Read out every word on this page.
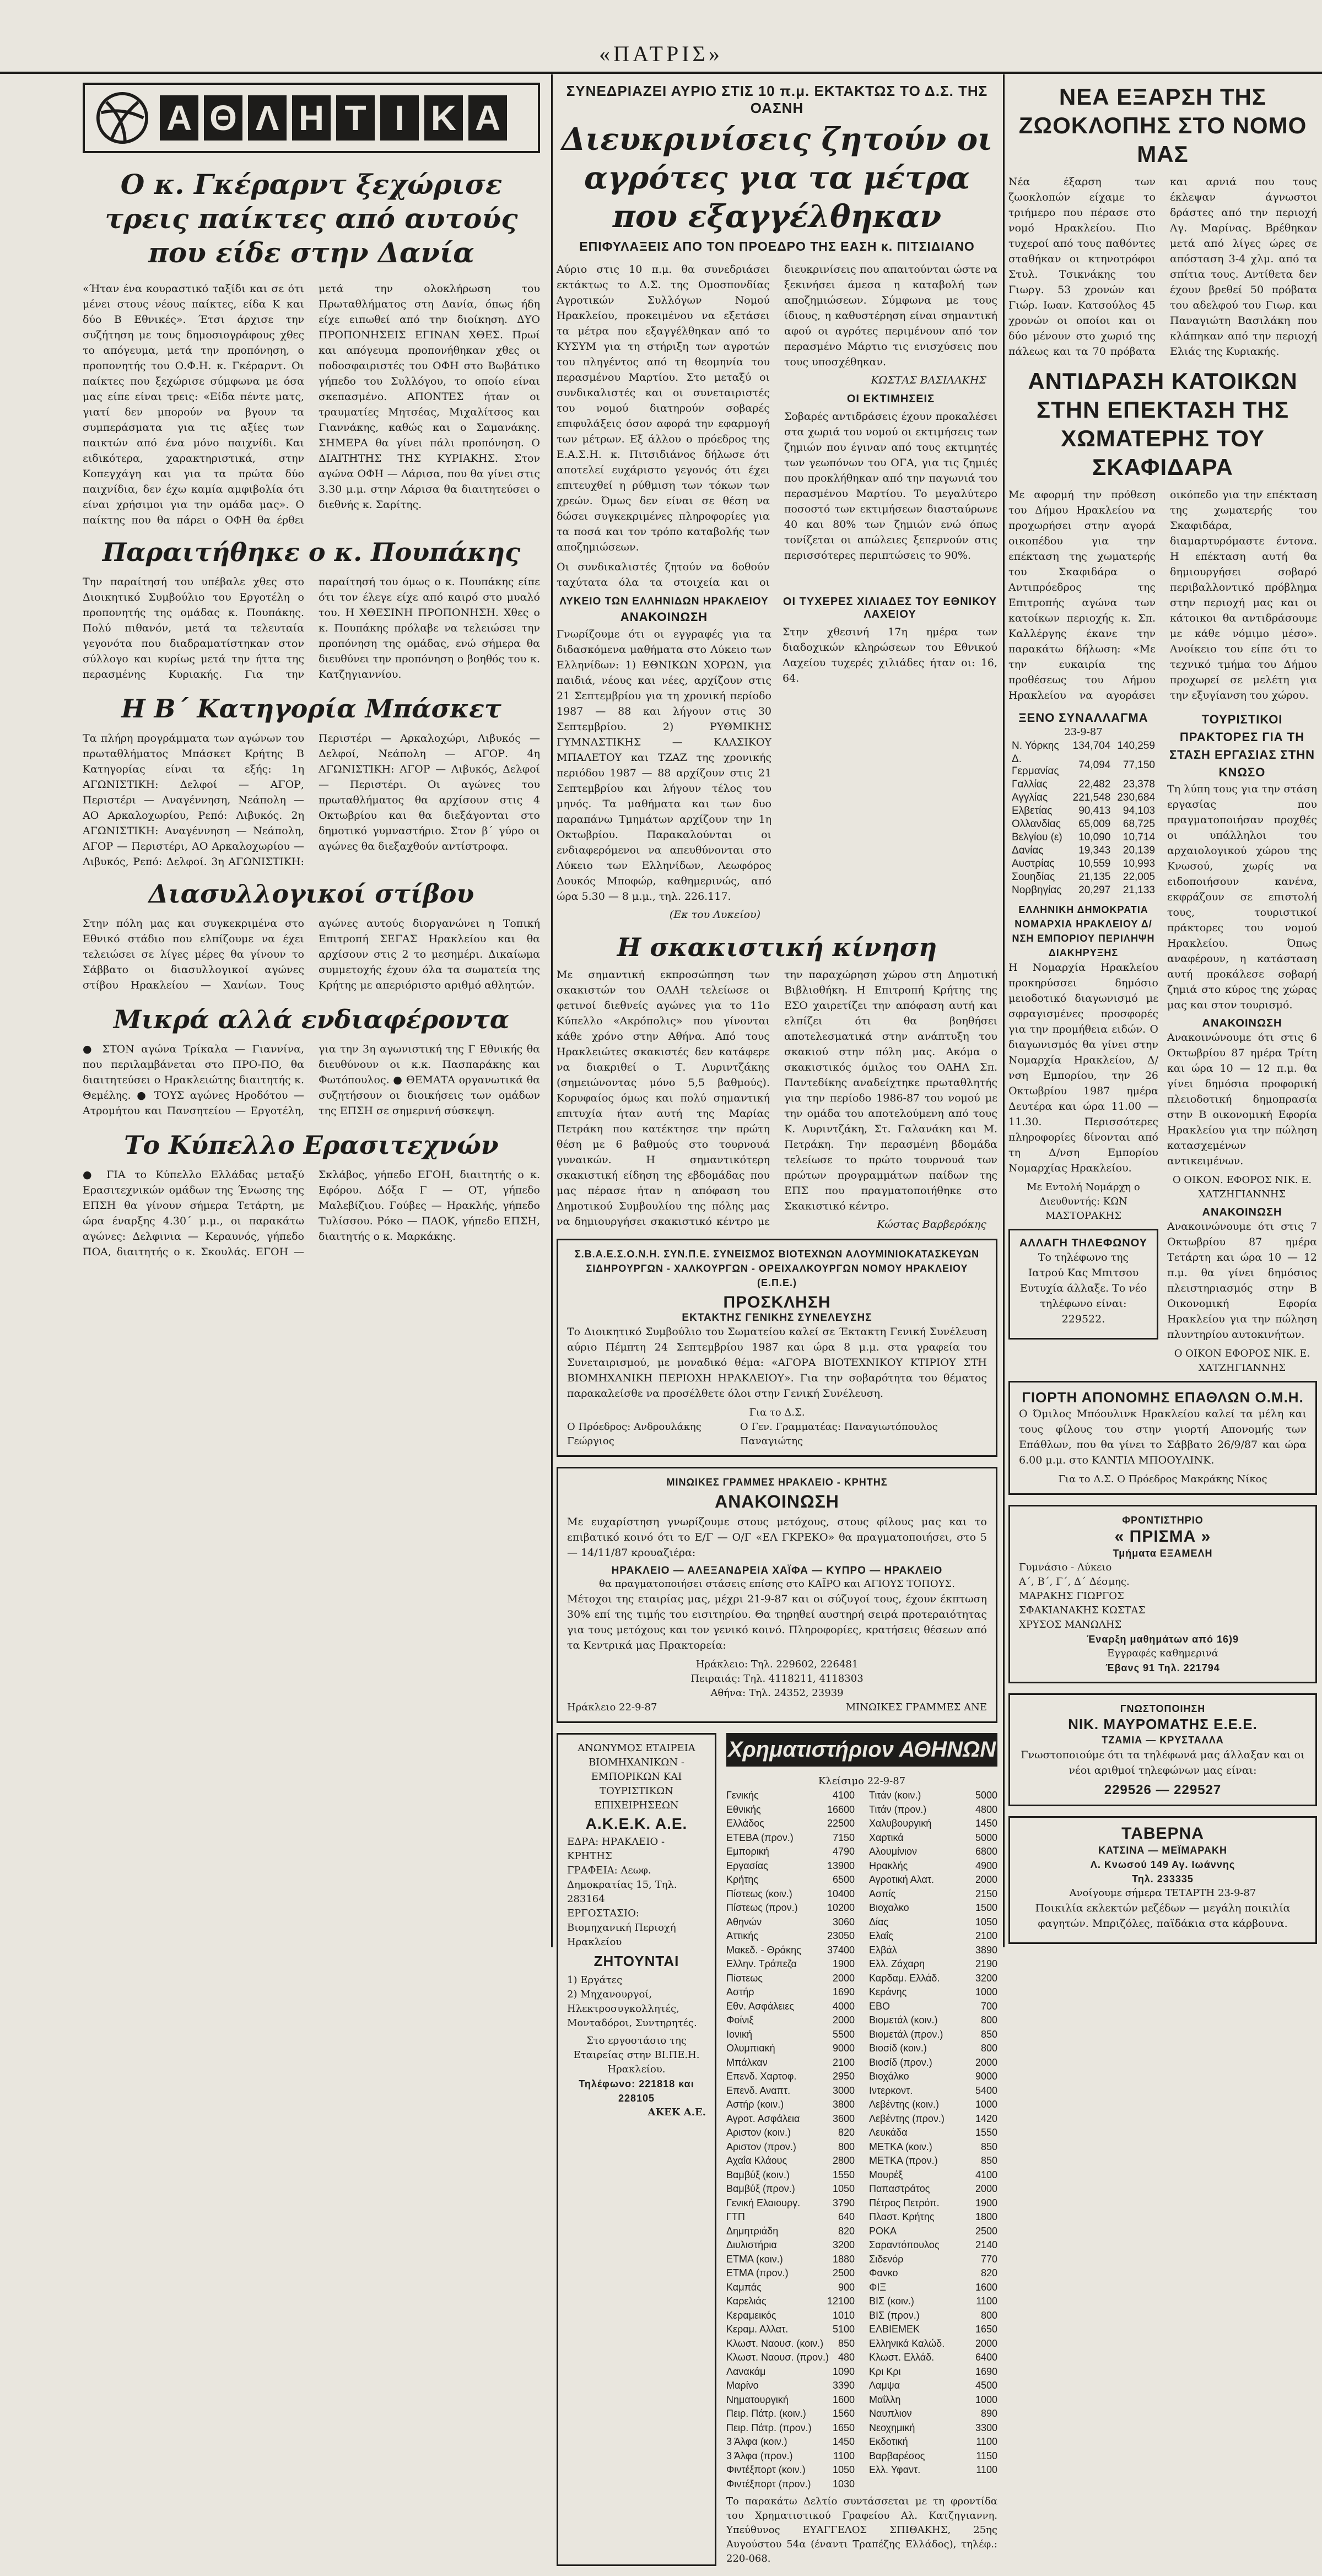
«ΠΑΤΡΙΣ»
Α Θ Λ Η Τ Ι Κ Α
Ο κ. Γκέραρντ ξεχώρισε τρεις παίκτες από αυτούς που είδε στην Δανία

«Ήταν ένα κουραστικό ταξίδι και σε ότι μένει στους νέους παίκτες, είδα Κ και δύο Β Εθνικές». Έτσι άρχισε την συζήτηση με τους δημοσιογράφους χθες το απόγευμα, μετά την προπόνηση, ο προπονητής του Ο.Φ.Η. κ. Γκέραρντ. Οι παίκτες που ξεχώρισε σύμφωνα με όσα μας είπε είναι τρεις: «Είδα πέντε ματς, γιατί δεν μπορούν να βγουν τα συμπεράσματα για τις αξίες των παικτών από ένα μόνο παιχνίδι. Και ειδικότερα, χαρακτηριστικά, στην Κοπεγχάγη και για τα πρώτα δύο παιχνίδια, δεν έχω καμία αμφιβολία ότι είναι χρήσιμοι για την ομάδα μας». Ο παίκτης που θα πάρει ο ΟΦΗ θα έρθει μετά την ολοκλήρωση του Πρωταθλήματος στη Δανία, όπως ήδη είχε ειπωθεί από την διοίκηση. ΔΥΟ ΠΡΟΠΟΝΗΣΕΙΣ ΕΓΙΝΑΝ ΧΘΕΣ. Πρωί και απόγευμα προπονήθηκαν χθες οι ποδοσφαιριστές του ΟΦΗ στο Βωβάτικο γήπεδο του Συλλόγου, το οποίο είναι σκεπασμένο. ΑΠΟΝΤΕΣ ήταν οι τραυματίες Μητσέας, Μιχαλίτσος και Γιαννάκης, καθώς και ο Σαμανάκης. ΣΗΜΕΡΑ θα γίνει πάλι προπόνηση. Ο ΔΙΑΙΤΗΤΗΣ ΤΗΣ ΚΥΡΙΑΚΗΣ. Στον αγώνα ΟΦΗ — Λάρισα, που θα γίνει στις 3.30 μ.μ. στην Λάρισα θα διαιτητεύσει ο διεθνής κ. Σαρίτης.

Παραιτήθηκε ο κ. Πουπάκης

Την παραίτησή του υπέβαλε χθες στο Διοικητικό Συμβούλιο του Εργοτέλη ο προπονητής της ομάδας κ. Πουπάκης. Πολύ πιθανόν, μετά τα τελευταία γεγονότα που διαδραματίστηκαν στον σύλλογο και κυρίως μετά την ήττα της περασμένης Κυριακής. Για την παραίτησή του όμως ο κ. Πουπάκης είπε ότι τον έλεγε είχε από καιρό στο μυαλό του. Η ΧΘΕΣΙΝΗ ΠΡΟΠΟΝΗΣΗ. Χθες ο κ. Πουπάκης πρόλαβε να τελειώσει την προπόνηση της ομάδας, ενώ σήμερα θα διευθύνει την προπόνηση ο βοηθός του κ. Κατζηγιαννίου.

Η Β΄ Κατηγορία Μπάσκετ

Τα πλήρη προγράμματα των αγώνων του πρωταθλήματος Μπάσκετ Κρήτης Β Κατηγορίας είναι τα εξής: 1η ΑΓΩΝΙΣΤΙΚΗ: Δελφοί — ΑΓΟΡ, Περιστέρι — Αναγέννηση, Νεάπολη — ΑΟ Αρκαλοχωρίου, Ρεπό: Λιβυκός. 2η ΑΓΩΝΙΣΤΙΚΗ: Αναγέννηση — Νεάπολη, ΑΓΟΡ — Περιστέρι, ΑΟ Αρκαλοχωρίου — Λιβυκός, Ρεπό: Δελφοί. 3η ΑΓΩΝΙΣΤΙΚΗ: Περιστέρι — Αρκαλοχώρι, Λιβυκός — Δελφοί, Νεάπολη — ΑΓΟΡ. 4η ΑΓΩΝΙΣΤΙΚΗ: ΑΓΟΡ — Λιβυκός, Δελφοί — Περιστέρι. Οι αγώνες του πρωταθλήματος θα αρχίσουν στις 4 Οκτωβρίου και θα διεξάγονται στο δημοτικό γυμναστήριο. Στον β΄ γύρο οι αγώνες θα διεξαχθούν αντίστροφα.

Διασυλλογικοί στίβου

Στην πόλη μας και συγκεκριμένα στο Εθνικό στάδιο που ελπίζουμε να έχει τελειώσει σε λίγες μέρες θα γίνουν το Σάββατο οι διασυλλογικοί αγώνες στίβου Ηρακλείου — Χανίων. Τους αγώνες αυτούς διοργανώνει η Τοπική Επιτροπή ΣΕΓΑΣ Ηρακλείου και θα αρχίσουν στις 2 το μεσημέρι. Δικαίωμα συμμετοχής έχουν όλα τα σωματεία της Κρήτης με απεριόριστο αριθμό αθλητών.

Μικρά αλλά ενδιαφέροντα

● ΣΤΟΝ αγώνα Τρίκαλα — Γιαννίνα, που περιλαμβάνεται στο ΠΡΟ-ΠΟ, θα διαιτητεύσει ο Ηρακλειώτης διαιτητής κ. Θεμέλης. ● ΤΟΥΣ αγώνες Ηροδότου — Ατρομήτου και Πανσητείου — Εργοτέλη, για την 3η αγωνιστική της Γ Εθνικής θα διευθύνουν οι κ.κ. Πασπαράκης και Φωτόπουλος. ● ΘΕΜΑΤΑ οργανωτικά θα συζητήσουν οι διοικήσεις των ομάδων της ΕΠΣΗ σε σημερινή σύσκεψη.

Το Κύπελλο Ερασιτεχνών

● ΓΙΑ το Κύπελλο Ελλάδας μεταξύ Ερασιτεχνικών ομάδων της Ένωσης της ΕΠΣΗ θα γίνουν σήμερα Τετάρτη, με ώρα έναρξης 4.30΄ μ.μ., οι παρακάτω αγώνες: Δελφινια — Κεραυνός, γήπεδο ΠΟΑ, διαιτητής ο κ. Σκουλάς. ΕΓΟΗ — Σκλάβος, γήπεδο ΕΓΟΗ, διαιτητής ο κ. Εφόρου. Δόξα Γ — ΟΤ, γήπεδο Μαλεβίζιου. Γούβες — Ηρακλής, γήπεδο Τυλίσσου. Ρόκο — ΠΑΟΚ, γήπεδο ΕΠΣΗ, διαιτητής ο κ. Μαρκάκης.

ΣΥΝΕΔΡΙΑΖΕΙ ΑΥΡΙΟ ΣΤΙΣ 10 π.μ. ΕΚΤΑΚΤΩΣ ΤΟ Δ.Σ. ΤΗΣ ΟΑΣΝΗ
Διευκρινίσεις ζητούν οι αγρότες για τα μέτρα που εξαγγέλθηκαν
ΕΠΙΦΥΛΑΞΕΙΣ ΑΠΟ ΤΟΝ ΠΡΟΕΔΡΟ ΤΗΣ ΕΑΣΗ κ. ΠΙΤΣΙΔΙΑΝΟ

Αύριο στις 10 π.μ. θα συνεδριάσει εκτάκτως το Δ.Σ. της Ομοσπονδίας Αγροτικών Συλλόγων Νομού Ηρακλείου, προκειμένου να εξετάσει τα μέτρα που εξαγγέλθηκαν από το ΚΥΣΥΜ για τη στήριξη των αγροτών του πληγέντος από τη θεομηνία του περασμένου Μαρτίου. Στο μεταξύ οι συνδικαλιστές και οι συνεταιριστές του νομού διατηρούν σοβαρές επιφυλάξεις όσον αφορά την εφαρμογή των μέτρων. Εξ άλλου ο πρόεδρος της Ε.Α.Σ.Η. κ. Πιτσιδιάνος δήλωσε ότι αποτελεί ευχάριστο γεγονός ότι έχει επιτευχθεί η ρύθμιση των τόκων των χρεών. Όμως δεν είναι σε θέση να δώσει συγκεκριμένες πληροφορίες για τα ποσά και τον τρόπο καταβολής των αποζημιώσεων.

Οι συνδικαλιστές ζητούν να δοθούν ταχύτατα όλα τα στοιχεία και οι διευκρινίσεις που απαιτούνται ώστε να ξεκινήσει άμεσα η καταβολή των αποζημιώσεων. Σύμφωνα με τους ίδιους, η καθυστέρηση είναι σημαντική αφού οι αγρότες περιμένουν από τον περασμένο Μάρτιο τις ενισχύσεις που τους υποσχέθηκαν.

ΚΩΣΤΑΣ ΒΑΣΙΛΑΚΗΣ

ΟΙ ΕΚΤΙΜΗΣΕΙΣ

Σοβαρές αντιδράσεις έχουν προκαλέσει στα χωριά του νομού οι εκτιμήσεις των ζημιών που έγιναν από τους εκτιμητές των γεωπόνων του ΟΓΑ, για τις ζημιές που προκλήθηκαν από την παγωνιά του περασμένου Μαρτίου. Το μεγαλύτερο ποσοστό των εκτιμήσεων διασταύρωνε 40 και 80% των ζημιών ενώ όπως τονίζεται οι απώλειες ξεπερνούν στις περισσότερες περιπτώσεις το 90%.

ΛΥΚΕΙΟ ΤΩΝ ΕΛΛΗΝΙΔΩΝ ΗΡΑΚΛΕΙΟΥ
ΑΝΑΚΟΙΝΩΣΗ

Γνωρίζουμε ότι οι εγγραφές για τα διδασκόμενα μαθήματα στο Λύκειο των Ελληνίδων: 1) ΕΘΝΙΚΩΝ ΧΟΡΩΝ, για παιδιά, νέους και νέες, αρχίζουν στις 21 Σεπτεμβρίου για τη χρονική περίοδο 1987 — 88 και λήγουν στις 30 Σεπτεμβρίου. 2) ΡΥΘΜΙΚΗΣ ΓΥΜΝΑΣΤΙΚΗΣ — ΚΛΑΣΙΚΟΥ ΜΠΑΛΕΤΟΥ και ΤΖΑΖ της χρονικής περιόδου 1987 — 88 αρχίζουν στις 21 Σεπτεμβρίου και λήγουν τέλος του μηνός. Τα μαθήματα και των δυο παραπάνω Τμημάτων αρχίζουν την 1η Οκτωβρίου. Παρακαλούνται οι ενδιαφερόμενοι να απευθύνονται στο Λύκειο των Ελληνίδων, Λεωφόρος Δουκός Μποφώρ, καθημερινώς, από ώρα 5.30 — 8 μ.μ., τηλ. 226.117.

(Εκ του Λυκείου)

ΟΙ ΤΥΧΕΡΕΣ ΧΙΛΙΑΔΕΣ ΤΟΥ ΕΘΝΙΚΟΥ ΛΑΧΕΙΟΥ

Στην χθεσινή 17η ημέρα των διαδοχικών κληρώσεων του Εθνικού Λαχείου τυχερές χιλιάδες ήταν οι: 16, 64.

Η σκακιστική κίνηση

Με σημαντική εκπροσώπηση των σκακιστών του ΟΑΑΗ τελείωσε οι φετινοί διεθνείς αγώνες για το 11ο Κύπελλο «Ακρόπολις» που γίνονται κάθε χρόνο στην Αθήνα. Από τους Ηρακλειώτες σκακιστές δεν κατάφερε να διακριθεί ο Τ. Λυριντζάκης (σημειώνοντας μόνο 5,5 βαθμούς). Κορυφαίος όμως και πολύ σημαντική επιτυχία ήταν αυτή της Μαρίας Πετράκη που κατέκτησε την πρώτη θέση με 6 βαθμούς στο τουρνουά γυναικών. Η σημαντικότερη σκακιστική είδηση της εβδομάδας που μας πέρασε ήταν η απόφαση του Δημοτικού Συμβουλίου της πόλης μας να δημιουργήσει σκακιστικό κέντρο με την παραχώρηση χώρου στη Δημοτική Βιβλιοθήκη. Η Επιτροπή Κρήτης της ΕΣΟ χαιρετίζει την απόφαση αυτή και ελπίζει ότι θα βοηθήσει αποτελεσματικά στην ανάπτυξη του σκακιού στην πόλη μας. Ακόμα ο σκακιστικός όμιλος του ΟΑΗΛ Σπ. Παντεδίκης αναδείχτηκε πρωταθλητής για την περίοδο 1986-87 του νομού με την ομάδα του αποτελούμενη από τους Κ. Λυριντζάκη, Στ. Γαλανάκη και Μ. Πετράκη. Την περασμένη βδομάδα τελείωσε το πρώτο τουρνουά των πρώτων προγραμμάτων παίδων της ΕΠΣ που πραγματοποιήθηκε στο Σκακιστικό κέντρο.

Κώστας Βαρβερόκης

Σ.Β.Α.Ε.Σ.Ο.Ν.Η. ΣΥΝ.Π.Ε. ΣΥΝΕΙΣΜΟΣ ΒΙΟΤΕΧΝΩΝ ΑΛΟΥΜΙΝΙΟΚΑΤΑΣΚΕΥΩΝ ΣΙΔΗΡΟΥΡΓΩΝ - ΧΑΛΚΟΥΡΓΩΝ - ΟΡΕΙΧΑΛΚΟΥΡΓΩΝ ΝΟΜΟΥ ΗΡΑΚΛΕΙΟΥ (Ε.Π.Ε.)
ΠΡΟΣΚΛΗΣΗ
ΕΚΤΑΚΤΗΣ ΓΕΝΙΚΗΣ ΣΥΝΕΛΕΥΣΗΣ

Το Διοικητικό Συμβούλιο του Σωματείου καλεί σε Έκτακτη Γενική Συνέλευση αύριο Πέμπτη 24 Σεπτεμβρίου 1987 και ώρα 8 μ.μ. στα γραφεία του Συνεταιρισμού, με μοναδικό θέμα: «ΑΓΟΡΑ ΒΙΟΤΕΧΝΙΚΟΥ ΚΤΙΡΙΟΥ ΣΤΗ ΒΙΟΜΗΧΑΝΙΚΗ ΠΕΡΙΟΧΗ ΗΡΑΚΛΕΙΟΥ». Για την σοβαρότητα του θέματος παρακαλείσθε να προσέλθετε όλοι στην Γενική Συνέλευση.

Για το Δ.Σ.
Ο Πρόεδρος: Ανδρουλάκης Γεώργιος
Ο Γεν. Γραμματέας: Παναγιωτόπουλος Παναγιώτης
ΜΙΝΩΙΚΕΣ ΓΡΑΜΜΕΣ ΗΡΑΚΛΕΙΟ - ΚΡΗΤΗΣ
ΑΝΑΚΟΙΝΩΣΗ

Με ευχαρίστηση γνωρίζουμε στους μετόχους, στους φίλους μας και το επιβατικό κοινό ότι το Ε/Γ — Ο/Γ «ΕΛ ΓΚΡΕΚΟ» θα πραγματοποιήσει, στο 5 — 14/11/87 κρουαζιέρα:

ΗΡΑΚΛΕΙΟ — ΑΛΕΞΑΝΔΡΕΙΑ ΧΑΪΦΑ — ΚΥΠΡΟ — ΗΡΑΚΛΕΙΟ
θα πραγματοποιήσει στάσεις επίσης στο ΚΑΪΡΟ και ΑΓΙΟΥΣ ΤΟΠΟΥΣ.

Μέτοχοι της εταιρίας μας, μέχρι 21-9-87 και οι σύζυγοί τους, έχουν έκπτωση 30% επί της τιμής του εισιτηρίου. Θα τηρηθεί αυστηρή σειρά προτεραιότητας για τους μετόχους και τον γενικό κοινό. Πληροφορίες, κρατήσεις θέσεων από τα Κεντρικά μας Πρακτορεία:

Ηράκλειο: Τηλ. 229602, 226481
Πειραιάς: Τηλ. 4118211, 4118303
Αθήνα: Τηλ. 24352, 23939
Ηράκλειο 22-9-87	ΜΙΝΩΙΚΕΣ ΓΡΑΜΜΕΣ ΑΝΕ
ΑΝΩΝΥΜΟΣ ΕΤΑΙΡΕΙΑ
ΒΙΟΜΗΧΑΝΙΚΩΝ - ΕΜΠΟΡΙΚΩΝ ΚΑΙ
ΤΟΥΡΙΣΤΙΚΩΝ ΕΠΙΧΕΙΡΗΣΕΩΝ
Α.Κ.Ε.Κ. Α.Ε.
ΕΔΡΑ: ΗΡΑΚΛΕΙΟ - ΚΡΗΤΗΣ
ΓΡΑΦΕΙΑ: Λεωφ. Δημοκρατίας 15, Τηλ. 283164
ΕΡΓΟΣΤΑΣΙΟ: Βιομηχανική Περιοχή Ηρακλείου
ΖΗΤΟΥΝΤΑΙ
1) Εργάτες
2) Μηχανουργοί, Ηλεκτροσυγκολλητές, Μονταδόροι, Συντηρητές.
Στο εργοστάσιο της Εταιρείας στην ΒΙ.ΠΕ.Η. Ηρακλείου.
Τηλέφωνο: 221818 και 228105
ΑΚΕΚ Α.Ε.
Χρηματιστήριον ΑΘΗΝΩΝ
Κλείσιμο 22-9-87
Γενικής	4100
Εθνικής	16600
Ελλάδος	22500
ΕΤΕΒΑ (προν.)	7150
Εμπορική	4790
Εργασίας	13900
Κρήτης	6500
Πίστεως (κοιν.)	10400
Πίστεως (προν.)	10200
Αθηνών	3060
Αττικής	23050
Μακεδ. - Θράκης	37400
Ελλην. Τράπεζα	1900
Πίστεως	2000
Αστήρ	1690
Εθν. Ασφάλειες	4000
Φοίνιξ	2000
Ιονική	5500
Ολυμπιακή	9000
Μπάλκαν	2100
Επενδ. Χαρτοφ.	2950
Επενδ. Αναπτ.	3000
Αστήρ (κοιν.)	3800
Αγροτ. Ασφάλεια	3600
Αριστον (κοιν.)	820
Αριστον (προν.)	800
Αχαΐα Κλάους	2800
Βαμβύξ (κοιν.)	1550
Βαμβύξ (προν.)	1050
Γενική Ελαιουργ.	3790
ΓΤΠ	640
Δημητριάδη	820
Διυλιστήρια	3200
ΕΤΜΑ (κοιν.)	1880
ΕΤΜΑ (προν.)	2500
Καμπάς	900
Καρελιάς	12100
Κεραμεικός	1010
Κεραμ. Αλλατ.	5100
Κλωστ. Ναουσ. (κοιν.) 850
Κλωστ. Ναουσ. (προν.) 480
Λανακάμ	1090
Μαρίνο	3390
Νηματουργική	1600
Πειρ. Πάτρ. (κοιν.)	1560
Πειρ. Πάτρ. (προν.) 1650
3 Άλφα (κοιν.)	1450
3 Άλφα (προν.)	1100
Φιντέξπορτ (κοιν.)	1050
Φιντέξπορτ (προν.) 1030
Τιτάν (κοιν.)	5000
Τιτάν (προν.)	4800
Χαλυβουργική	1450
Χαρτικά	5000
Αλουμίνιον	6800
Ηρακλής	4900
Αγροτική Αλατ.	2000
Ασπίς	2150
Βιοχαλκο	1500
Δίας	1050
Ελαΐς	2100
Ελβάλ	3890
Ελλ. Ζάχαρη	2190
Καρδαμ. Ελλάδ.	3200
Κεράνης	1000
ΕΒΟ	700
Βιομετάλ (κοιν.)	800
Βιομετάλ (προν.)	850
Βιοσίδ (κοιν.)	800
Βιοσίδ (προν.)	2000
Βιοχάλκο	9000
Ιντερκοντ.	5400
Λεβέντης (κοιν.)	1000
Λεβέντης (προν.)	1420
Λευκάδα	1550
ΜΕΤΚΑ (κοιν.)	850
ΜΕΤΚΑ (προν.)	850
Μουρέξ	4100
Παπαστράτος	2000
Πέτρος Πετρόπ.	1900
Πλαστ. Κρήτης	1800
ΡΟΚΑ	2500
Σαραντόπουλος	2140
Σιδενόρ	770
Φανκο	820
ΦΙΞ	1600
ΒΙΣ (κοιν.)	1100
ΒΙΣ (προν.)	800
ΕΛΒΙΕΜΕΚ	1650
Ελληνικά Καλώδ.	2000
Κλωστ. Ελλάδ.	6400
Κρι Κρι	1690
Λαμψα	4500
Μαΐλλη	1000
Ναυπλιον	890
Νεοχημική	3300
Εκδοτική	1100
Βαρβαρέσος	1150
Ελλ. Υφαντ.	1100

Το παρακάτω Δελτίο συντάσσεται με τη φροντίδα του Χρηματιστικού Γραφείου Αλ. Κατζηγιαννη. Υπεύθυνος ΕΥΑΓΓΕΛΟΣ ΣΠΙΘΑΚΗΣ, 25ης Αυγούστου 54α (έναντι Τραπέζης Ελλάδος), τηλέφ.: 220-068.

ΝΕΑ ΕΞΑΡΣΗ ΤΗΣ ΖΩΟΚΛΟΠΗΣ ΣΤΟ ΝΟΜΟ ΜΑΣ

Νέα έξαρση των ζωοκλοπών είχαμε το τριήμερο που πέρασε στο νομό Ηρακλείου. Πιο τυχεροί από τους παθόντες σταθήκαν οι κτηνοτρόφοι Στυλ. Τσικνάκης του Γιωργ. 53 χρονών και Γιώρ. Ιωαν. Κατσούλος 45 χρονών οι οποίοι και οι δύο μένουν στο χωριό της πάλεως και τα 70 πρόβατα και αρνιά που τους έκλεψαν άγνωστοι δράστες από την περιοχή Αγ. Μαρίνας. Βρέθηκαν μετά από λίγες ώρες σε απόσταση 3-4 χλμ. από τα σπίτια τους. Αντίθετα δεν έχουν βρεθεί 50 πρόβατα του αδελφού του Γιωρ. και Παναγιώτη Βασιλάκη που κλάπηκαν από την περιοχή Ελιάς της Κυριακής.

ΑΝΤΙΔΡΑΣΗ ΚΑΤΟΙΚΩΝ ΣΤΗΝ ΕΠΕΚΤΑΣΗ ΤΗΣ ΧΩΜΑΤΕΡΗΣ ΤΟΥ ΣΚΑΦΙΔΑΡΑ

Με αφορμή την πρόθεση του Δήμου Ηρακλείου να προχωρήσει στην αγορά οικοπέδου για την επέκταση της χωματερής του Σκαφιδάρα ο Αντιπρόεδρος της Επιτροπής αγώνα των κατοίκων περιοχής κ. Σπ. Καλλέργης έκανε την παρακάτω δήλωση: «Με την ευκαιρία της προθέσεως του Δήμου Ηρακλείου να αγοράσει οικόπεδο για την επέκταση της χωματερής του Σκαφιδάρα, διαμαρτυρόμαστε έντονα. Η επέκταση αυτή θα δημιουργήσει σοβαρό περιβαλλοντικό πρόβλημα στην περιοχή μας και οι κάτοικοι θα αντιδράσουμε με κάθε νόμιμο μέσο». Ανοίκειο του είπε ότι το τεχνικό τμήμα του Δήμου προχωρεί σε μελέτη για την εξυγίανση του χώρου.

ΞΕΝΟ ΣΥΝΑΛΛΑΓΜΑ
23-9-87
Ν. Υόρκης	134,704	140,259
Δ. Γερμανίας	74,094	77,150
Γαλλίας	22,482	23,378
Αγγλίας	221,548	230,684
Ελβετίας	90,413	94,103
Ολλανδίας	65,009	68,725
Βελγίου (ε)	10,090	10,714
Δανίας	19,343	20,139
Αυστρίας	10,559	10,993
Σουηδίας	21,135	22,005
Νορβηγίας	20,297	21,133
ΕΛΛΗΝΙΚΗ ΔΗΜΟΚΡΑΤΙΑ ΝΟΜΑΡΧΙΑ ΗΡΑΚΛΕΙΟΥ Δ/ΝΣΗ ΕΜΠΟΡΙΟΥ ΠΕΡΙΛΗΨΗ ΔΙΑΚΗΡΥΞΗΣ

Η Νομαρχία Ηρακλείου προκηρύσσει δημόσιο μειοδοτικό διαγωνισμό με σφραγισμένες προσφορές για την προμήθεια ειδών. Ο διαγωνισμός θα γίνει στην Νομαρχία Ηρακλείου, Δ/νση Εμπορίου, την 26 Οκτωβρίου 1987 ημέρα Δευτέρα και ώρα 11.00 — 11.30. Περισσότερες πληροφορίες δίνονται από τη Δ/νση Εμπορίου Νομαρχίας Ηρακλείου.

Με Εντολή Νομάρχη ο Διευθυντής: ΚΩΝ ΜΑΣΤΟΡΑΚΗΣ
ΑΛΛΑΓΗ ΤΗΛΕΦΩΝΟΥ

Το τηλέφωνο της Ιατρού Κας Μπιτσου Ευτυχία άλλαξε. Το νέο τηλέφωνο είναι: 229522.

ΤΟΥΡΙΣΤΙΚΟΙ ΠΡΑΚΤΟΡΕΣ ΓΙΑ ΤΗ ΣΤΑΣΗ ΕΡΓΑΣΙΑΣ ΣΤΗΝ ΚΝΩΣΟ

Τη λύπη τους για την στάση εργασίας που πραγματοποιήσαν προχθές οι υπάλληλοι του αρχαιολογικού χώρου της Κνωσού, χωρίς να ειδοποιήσουν κανένα, εκφράζουν σε επιστολή τους, τουριστικοί πράκτορες του νομού Ηρακλείου. Όπως αναφέρουν, η κατάσταση αυτή προκάλεσε σοβαρή ζημιά στο κύρος της χώρας μας και στον τουρισμό.

ΑΝΑΚΟΙΝΩΣΗ

Ανακοινώνουμε ότι στις 6 Οκτωβρίου 87 ημέρα Τρίτη και ώρα 10 — 12 π.μ. θα γίνει δημόσια προφορική πλειοδοτική δημοπρασία στην Β οικονομική Εφορία Ηρακλείου για την πώληση κατασχεμένων αντικειμένων.

Ο ΟΙΚΟΝ. ΕΦΟΡΟΣ ΝΙΚ. Ε. ΧΑΤΖΗΓΙΑΝΝΗΣ
ΑΝΑΚΟΙΝΩΣΗ

Ανακοινώνουμε ότι στις 7 Οκτωβρίου 87 ημέρα Τετάρτη και ώρα 10 — 12 π.μ. θα γίνει δημόσιος πλειστηριασμός στην Β Οικονομική Εφορία Ηρακλείου για την πώληση πλυντηρίου αυτοκινήτων.

Ο ΟΙΚΟΝ ΕΦΟΡΟΣ ΝΙΚ. Ε. ΧΑΤΖΗΓΙΑΝΝΗΣ
ΓΙΟΡΤΗ ΑΠΟΝΟΜΗΣ ΕΠΑΘΛΩΝ Ο.Μ.Η.

Ο Όμιλος Μπόουλινκ Ηρακλείου καλεί τα μέλη και τους φίλους του στην γιορτή Απονομής των Επάθλων, που θα γίνει το Σάββατο 26/9/87 και ώρα 6.00 μ.μ. στο ΚΑΝΤΙΑ ΜΠΟΟΥΛΙΝΚ.

Για το Δ.Σ. Ο Πρόεδρος Μακράκης Νίκος
ΦΡΟΝΤΙΣΤΗΡΙΟ
« ΠΡΙΣΜΑ »
Τμήματα ΕΞΑΜΕΛΗ
Γυμνάσιο - Λύκειο
Α΄, Β΄, Γ΄, Δ΄ Δέσμης.
ΜΑΡΑΚΗΣ ΓΙΩΡΓΟΣ
ΣΦΑΚΙΑΝΑΚΗΣ ΚΩΣΤΑΣ
ΧΡΥΣΟΣ ΜΑΝΩΛΗΣ
Έναρξη μαθημάτων από 16)9
Εγγραφές καθημερινά
Έβανς 91 Τηλ. 221794
ΓΝΩΣΤΟΠΟΙΗΣΗ
ΝΙΚ. ΜΑΥΡΟΜΑΤΗΣ Ε.Ε.Ε.
ΤΖΑΜΙΑ — ΚΡΥΣΤΑΛΛΑ

Γνωστοποιούμε ότι τα τηλέφωνά μας άλλαξαν και οι νέοι αριθμοί τηλεφώνων μας είναι:

229526 — 229527
ΤΑΒΕΡΝΑ
ΚΑΤΣΙΝΑ — ΜΕΪΜΑΡΑΚΗ
Λ. Κνωσού 149 Αγ. Ιωάννης
Τηλ. 233335
Ανοίγουμε σήμερα ΤΕΤΑΡΤΗ 23-9-87

Ποικιλία εκλεκτών μεζέδων — μεγάλη ποικιλία φαγητών. Μπριζόλες, παϊδάκια στα κάρβουνα.
